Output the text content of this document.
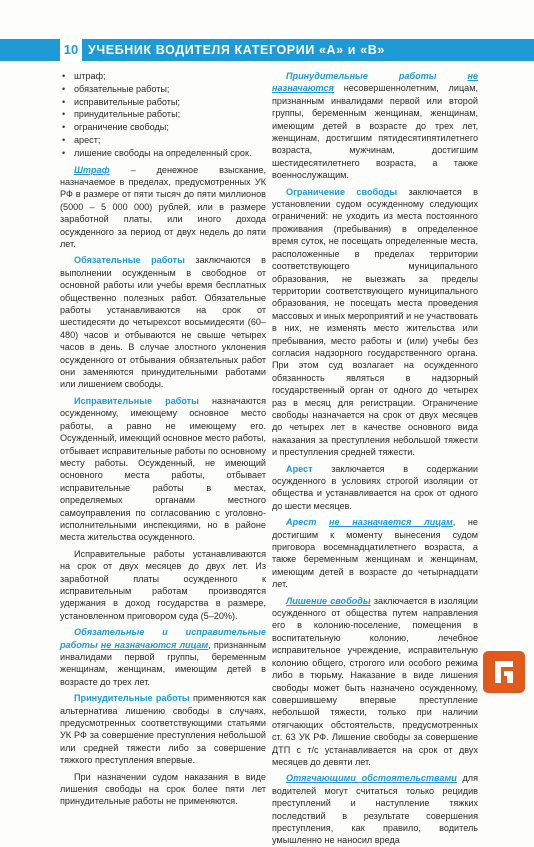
10 УЧЕБНИК ВОДИТЕЛЯ КАТЕГОРИИ «А» и «В»
• штраф;
• обязательные работы;
• исправительные работы;
• принудительные работы;
• ограничение свободы;
• арест;
• лишение свободы на определенный срок.

Штраф – денежное взыскание, назначаемое в пределах, предусмотренных УК РФ в размере от пяти тысяч до пяти миллионов (5000 – 5 000 000) рублей, или в размере заработной платы, или иного дохода осужденного за период от двух недель до пяти лет.

Обязательные работы заключаются в выполнении осужденным в свободное от основной работы или учебы время бесплатных общественно полезных работ. Обязательные работы устанавливаются на срок от шестидесяти до четырехсот восьмидесяти (60–480) часов и отбываются не свыше четырех часов в день. В случае злостного уклонения осужденного от отбывания обязательных работ они заменяются принудительными работами или лишением свободы.

Исправительные работы назначаются осужденному, имеющему основное место работы, а равно не имеющему его. Осужденный, имеющий основное место работы, отбывает исправительные работы по основному месту работы. Осужденный, не имеющий основного места работы, отбывает исправительные работы в местах, определяемых органами местного самоуправления по согласованию с уголовно-исполнительными инспекциями, но в районе места жительства осужденного.

Исправительные работы устанавливаются на срок от двух месяцев до двух лет. Из заработной платы осужденного к исправительным работам производятся удержания в доход государства в размере, установленном приговором суда (5–20%).

Обязательные и исправительные работы не назначаются лицам, признанным инвалидами первой группы, беременным женщинам, женщинам, имеющим детей в возрасте до трех лет.

Принудительные работы применяются как альтернатива лишению свободы в случаях, предусмотренных соответствующими статьями УК РФ за совершение преступления небольшой или средней тяжести либо за совершение тяжкого преступления впервые.

При назначении судом наказания в виде лишения свободы на срок более пяти лет принудительные работы не применяются.

Принудительные работы не назначаются несовершеннолетним, лицам, признанным инвалидами первой или второй группы, беременным женщинам, женщинам, имеющим детей в возрасте до трех лет, женщинам, достигшим пятидесятипятилетнего возраста, мужчинам, достигшим шестидесятилетнего возраста, а также военнослужащим.

Ограничение свободы заключается в установлении судом осужденному следующих ограничений: не уходить из места постоянного проживания (пребывания) в определенное время суток, не посещать определенные места, расположенные в пределах территории соответствующего муниципального образования, не выезжать за пределы территории соответствующего муниципального образования, не посещать места проведения массовых и иных мероприятий и не участвовать в них, не изменять место жительства или пребывания, место работы и (или) учебы без согласия надзорного государственного органа. При этом суд возлагает на осужденного обязанность являться в надзорный государственный орган от одного до четырех раз в месяц для регистрации. Ограничение свободы назначается на срок от двух месяцев до четырех лет в качестве основного вида наказания за преступления небольшой тяжести и преступления средней тяжести.

Арест заключается в содержании осужденного в условиях строгой изоляции от общества и устанавливается на срок от одного до шести месяцев.

Арест не назначается лицам, не достигшим к моменту вынесения судом приговора восемнадцатилетнего возраста, а также беременным женщинам и женщинам, имеющим детей в возрасте до четырнадцати лет.

Лишение свободы заключается в изоляции осужденного от общества путем направления его в колонию-поселение, помещения в воспитательную колонию, лечебное исправительное учреждение, исправительную колонию общего, строгого или особого режима либо в тюрьму. Наказание в виде лишения свободы может быть назначено осужденному, совершившему впервые преступление небольшой тяжести, только при наличии отягчающих обстоятельств, предусмотренных ст. 63 УК РФ. Лишение свободы за совершение ДТП с т/с устанавливается на срок от двух месяцев до девяти лет.

Отягчающими обстоятельствами для водителей могут считаться только рецидив преступлений и наступление тяжких последствий в результате совершения преступления, как правило, водитель умышленно не наносил вреда
